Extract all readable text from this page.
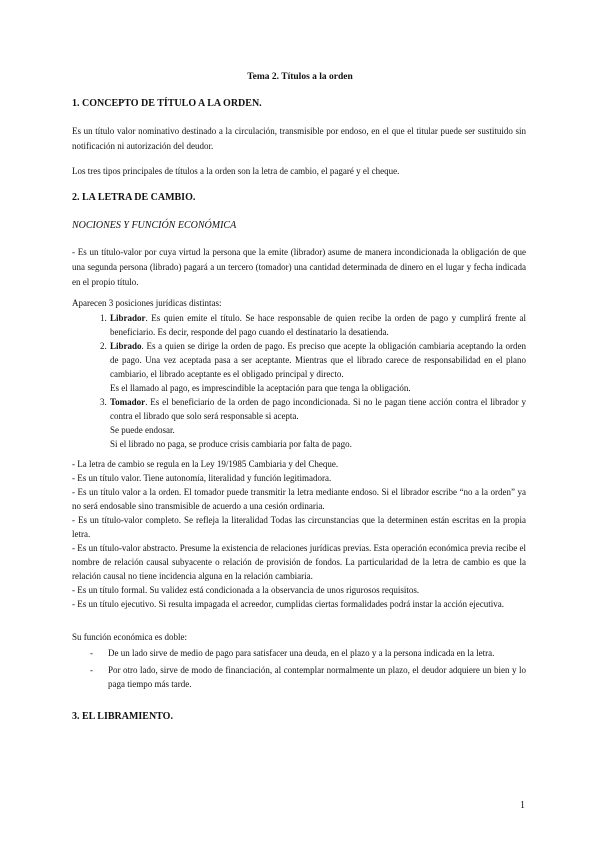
Tema 2. Títulos a la orden
1. CONCEPTO DE TÍTULO A LA ORDEN.
Es un título valor nominativo destinado a la circulación, transmisible por endoso, en el que el titular puede ser sustituido sin notificación ni autorización del deudor.
Los tres tipos principales de títulos a la orden son la letra de cambio, el pagaré y el cheque.
2. LA LETRA DE CAMBIO.
NOCIONES Y FUNCIÓN ECONÓMICA
- Es un título-valor por cuya virtud la persona que la emite (librador) asume de manera incondicionada la obligación de que una segunda persona (librado) pagará a un tercero (tomador) una cantidad determinada de dinero en el lugar y fecha indicada en el propio título.

Aparecen 3 posiciones jurídicas distintas:

1. Librador. Es quien emite el título. Se hace responsable de quien recibe la orden de pago y cumplirá frente al beneficiario. Es decir, responde del pago cuando el destinatario la desatienda.
2. Librado. Es a quien se dirige la orden de pago. Es preciso que acepte la obligación cambiaria aceptando la orden de pago. Una vez aceptada pasa a ser aceptante. Mientras que el librado carece de responsabilidad en el plano cambiario, el librado aceptante es el obligado principal y directo.
Es el llamado al pago, es imprescindible la aceptación para que tenga la obligación.
3. Tomador. Es el beneficiario de la orden de pago incondicionada. Si no le pagan tiene acción contra el librador y contra el librado que solo será responsable si acepta.
Se puede endosar.
Si el librado no paga, se produce crisis cambiaria por falta de pago.

- La letra de cambio se regula en la Ley 19/1985 Cambiaria y del Cheque.

- Es un título valor. Tiene autonomía, literalidad y función legitimadora.

- Es un título valor a la orden. El tomador puede transmitir la letra mediante endoso. Si el librador escribe “no a la orden” ya no será endosable sino transmisible de acuerdo a una cesión ordinaria.

- Es un título-valor completo. Se refleja la literalidad Todas las circunstancias que la determinen están escritas en la propia letra.

- Es un título-valor abstracto. Presume la existencia de relaciones jurídicas previas. Esta operación económica previa recibe el nombre de relación causal subyacente o relación de provisión de fondos. La particularidad de la letra de cambio es que la relación causal no tiene incidencia alguna en la relación cambiaria.

- Es un título formal. Su validez está condicionada a la observancia de unos rigurosos requisitos.

- Es un título ejecutivo. Si resulta impagada el acreedor, cumplidas ciertas formalidades podrá instar la acción ejecutiva.

Su función económica es doble:

-	De un lado sirve de medio de pago para satisfacer una deuda, en el plazo y a la persona indicada en la letra.
-	Por otro lado, sirve de modo de financiación, al contemplar normalmente un plazo, el deudor adquiere un bien y lo paga tiempo más tarde.
3. EL LIBRAMIENTO.
1
